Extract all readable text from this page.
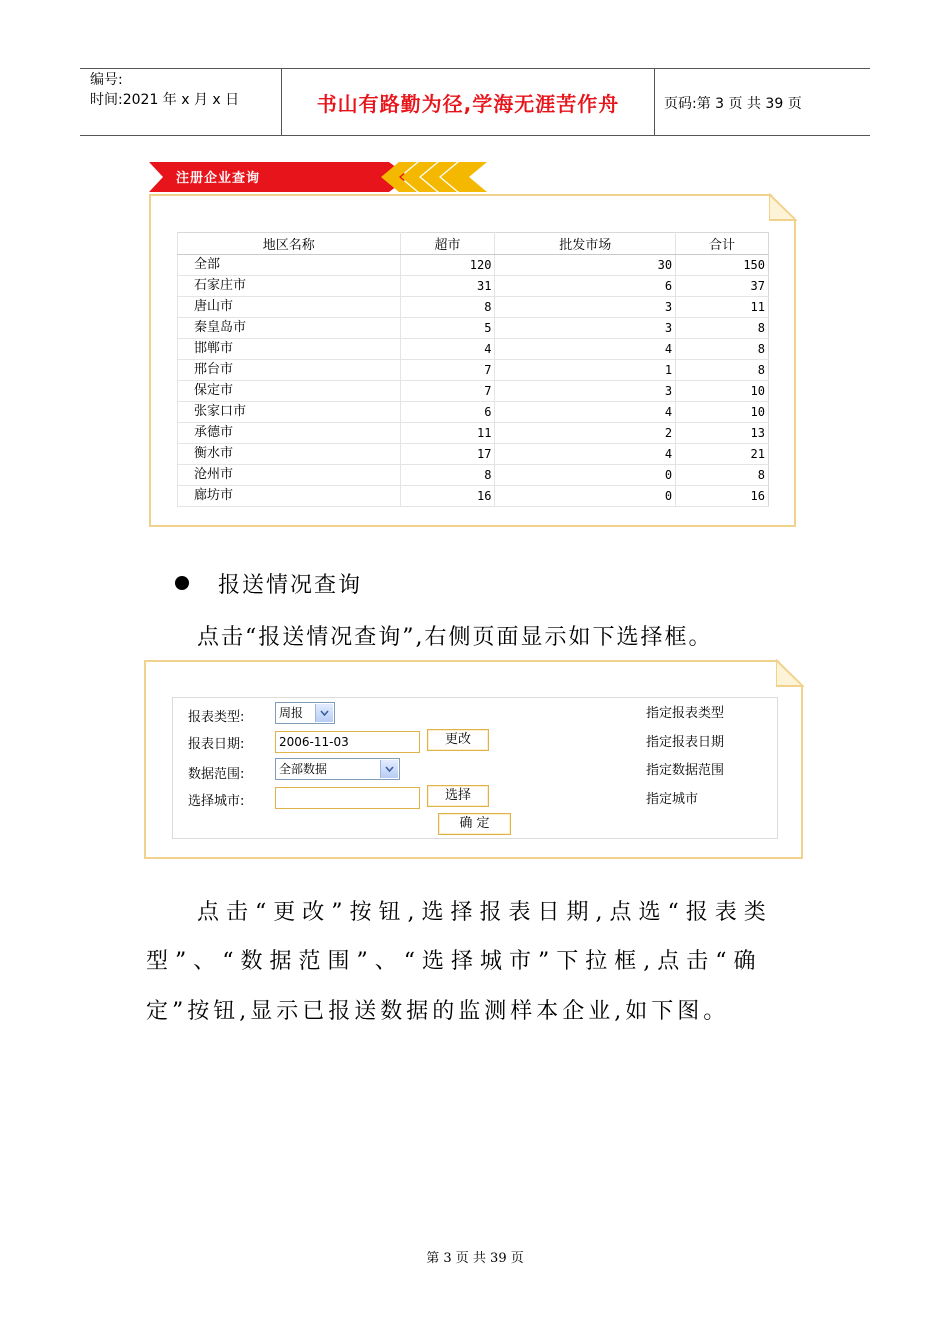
编号:
时间:2021 年 x 月 x 日	书山有路勤为径,学海无涯苦作舟	页码:第 3 页 共 39 页
注册企业查询
地区名称	超市	批发市场	合计
全部	120	30	150
石家庄市	31	6	37
唐山市	8	3	11
秦皇岛市	5	3	8
邯郸市	4	4	8
邢台市	7	1	8
保定市	7	3	10
张家口市	6	4	10
承德市	11	2	13
衡水市	17	4	21
沧州市	8	0	8
廊坊市	16	0	16
报送情况查询
点击“报送情况查询”,右侧页面显示如下选择框。
报表类型:	周报	指定报表类型
报表日期:	2006-11-03	更改	指定报表日期
数据范围:	全部数据	指定数据范围
选择城市:	选择	指定城市
确 定
点击“更改”按钮,选择报表日期,点选“报表类
型”、“数据范围”、“选择城市”下拉框,点击“确
定”按钮,显示已报送数据的监测样本企业,如下图。
第 3 页 共 39 页
